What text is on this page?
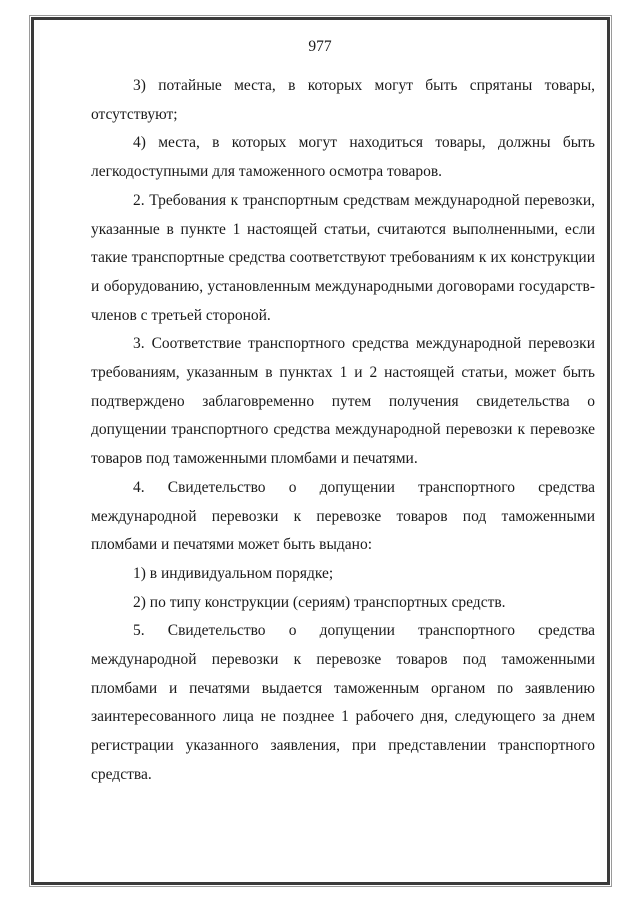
977

3) потайные места, в которых могут быть спрятаны товары, отсутствуют;

4) места, в которых могут находиться товары, должны быть легкодоступными для таможенного осмотра товаров.

2. Требования к транспортным средствам международной перевозки, указанные в пункте 1 настоящей статьи, считаются выполненными, если такие транспортные средства соответствуют требованиям к их конструкции и оборудованию, установленным международными договорами государств-членов с третьей стороной.

3. Соответствие транспортного средства международной перевозки требованиям, указанным в пунктах 1 и 2 настоящей статьи, может быть подтверждено заблаговременно путем получения свидетельства о допущении транспортного средства международной перевозки к перевозке товаров под таможенными пломбами и печатями.

4. Свидетельство о допущении транспортного средства международной перевозки к перевозке товаров под таможенными пломбами и печатями может быть выдано:

1) в индивидуальном порядке;

2) по типу конструкции (сериям) транспортных средств.

5. Свидетельство о допущении транспортного средства международной перевозки к перевозке товаров под таможенными пломбами и печатями выдается таможенным органом по заявлению заинтересованного лица не позднее 1 рабочего дня, следующего за днем регистрации указанного заявления, при представлении транспортного средства.
